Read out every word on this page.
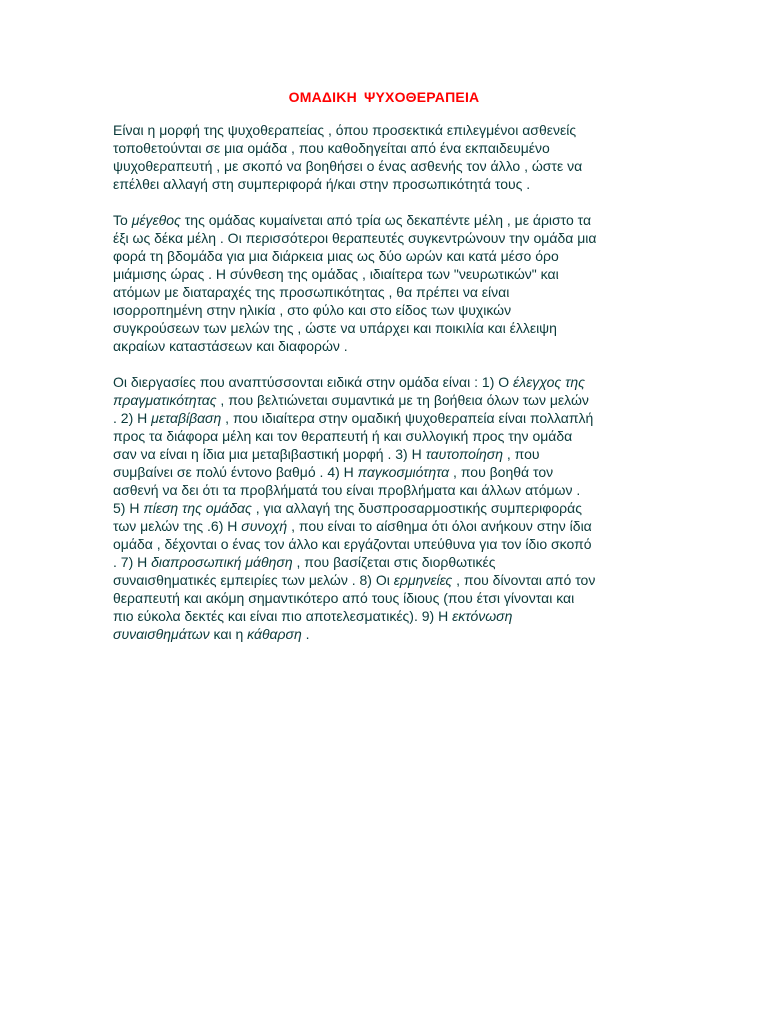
ΟΜΑΔΙΚΗ ΨΥΧΟΘΕΡΑΠΕΙΑ

Είναι η μορφή της ψυχοθεραπείας , όπου προσεκτικά επιλεγμένοι ασθενείς
τοποθετούνται σε μια ομάδα , που καθοδηγείται από ένα εκπαιδευμένο
ψυχοθεραπευτή , με σκοπό να βοηθήσει ο ένας ασθενής τον άλλο , ώστε να
επέλθει αλλαγή στη συμπεριφορά ή/και στην προσωπικότητά τους .

Το μέγεθος της ομάδας κυμαίνεται από τρία ως δεκαπέντε μέλη , με άριστο τα
έξι ως δέκα μέλη . Οι περισσότεροι θεραπευτές συγκεντρώνουν την ομάδα μια
φορά τη βδομάδα για μια διάρκεια μιας ως δύο ωρών και κατά μέσο όρο
μιάμισης ώρας . Η σύνθεση της ομάδας , ιδιαίτερα των "νευρωτικών" και
ατόμων με διαταραχές της προσωπικότητας , θα πρέπει να είναι
ισορροπημένη στην ηλικία , στο φύλο και στο είδος των ψυχικών
συγκρούσεων των μελών της , ώστε να υπάρχει και ποικιλία και έλλειψη
ακραίων καταστάσεων και διαφορών .

Οι διεργασίες που αναπτύσσονται ειδικά στην ομάδα είναι : 1) Ο έλεγχος της
πραγματικότητας , που βελτιώνεται συμαντικά με τη βοήθεια όλων των μελών
. 2) Η μεταβίβαση , που ιδιαίτερα στην ομαδική ψυχοθεραπεία είναι πολλαπλή
προς τα διάφορα μέλη και τον θεραπευτή ή και συλλογική προς την ομάδα
σαν να είναι η ίδια μια μεταβιβαστική μορφή . 3) Η ταυτοποίηση , που
συμβαίνει σε πολύ έντονο βαθμό . 4) Η παγκοσμιότητα , που βοηθά τον
ασθενή να δει ότι τα προβλήματά του είναι προβλήματα και άλλων ατόμων .
5) Η πίεση της ομάδας , για αλλαγή της δυσπροσαρμοστικής συμπεριφοράς
των μελών της .6) Η συνοχή , που είναι το αίσθημα ότι όλοι ανήκουν στην ίδια
ομάδα , δέχονται ο ένας τον άλλο και εργάζονται υπεύθυνα για τον ίδιο σκοπό
. 7) Η διαπροσωπική μάθηση , που βασίζεται στις διορθωτικές
συναισθηματικές εμπειρίες των μελών . 8) Οι ερμηνείες , που δίνονται από τον
θεραπευτή και ακόμη σημαντικότερο από τους ίδιους (που έτσι γίνονται και
πιο εύκολα δεκτές και είναι πιο αποτελεσματικές). 9) Η εκτόνωση
συναισθημάτων και η κάθαρση .
